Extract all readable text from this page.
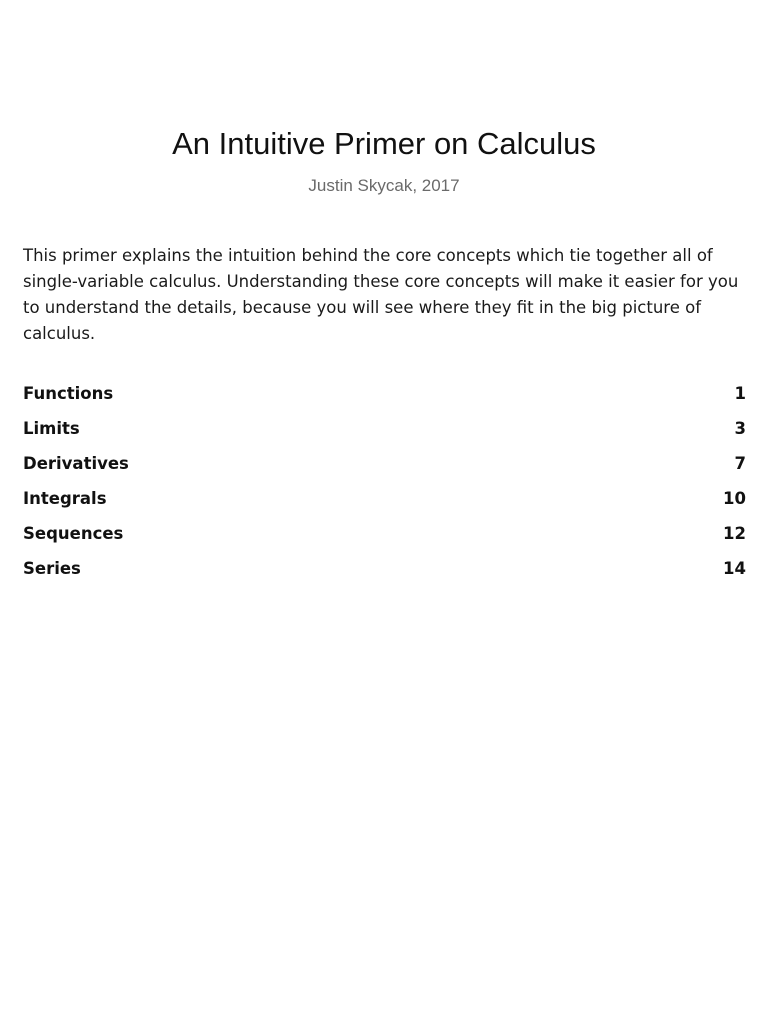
An Intuitive Primer on Calculus
Justin Skycak, 2017

This primer explains the intuition behind the core concepts which tie together all of single-variable calculus. Understanding these core concepts will make it easier for you to understand the details, because you will see where they fit in the big picture of calculus.

Functions	1
Limits	3
Derivatives	7
Integrals	10
Sequences	12
Series	14
